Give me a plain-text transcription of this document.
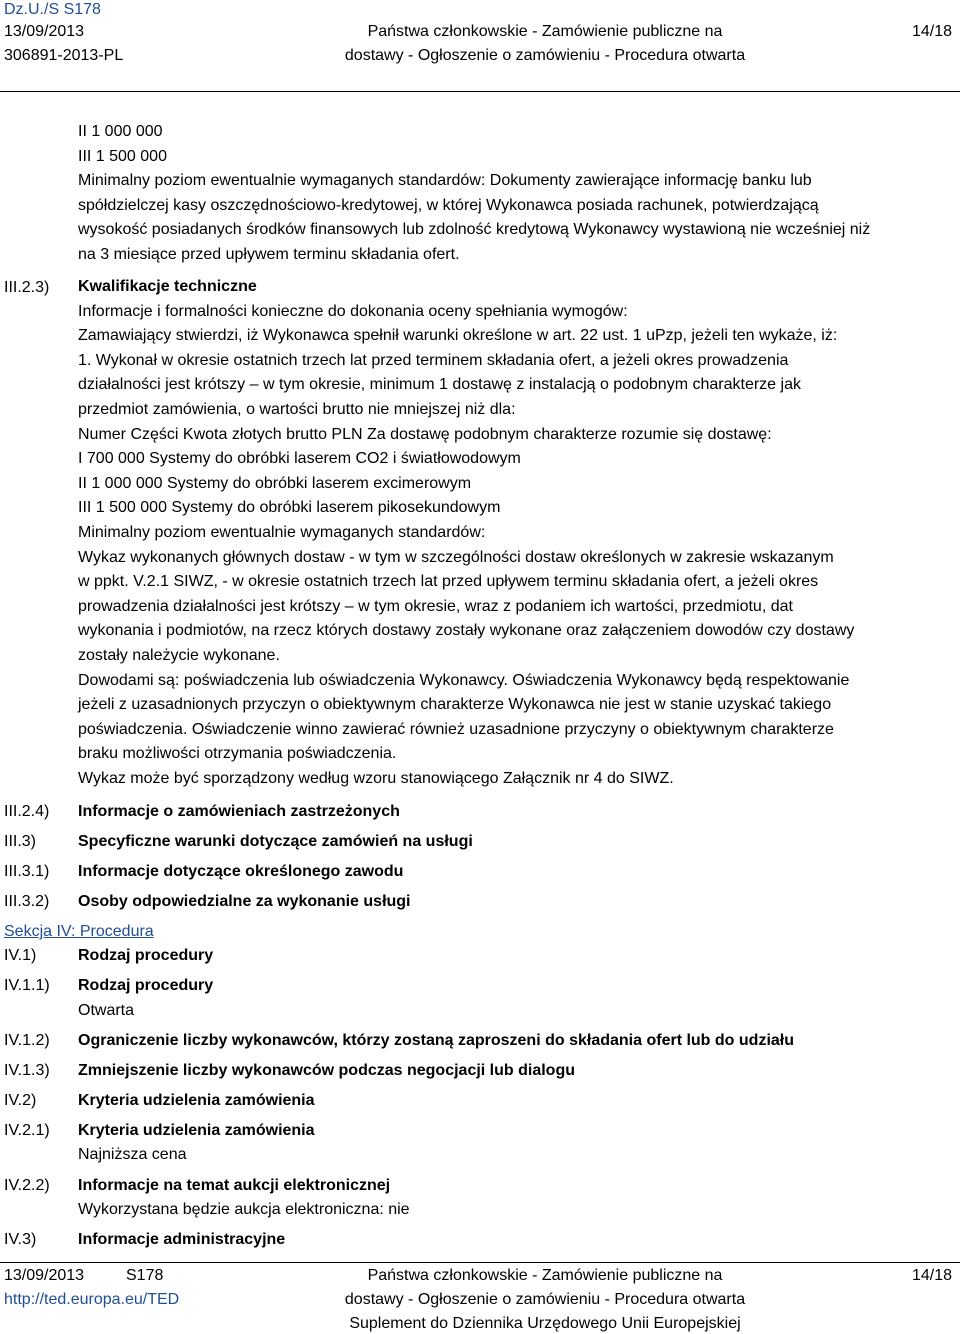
Dz.U./S S178
13/09/2013
306891-2013-PL
Państwa członkowskie - Zamówienie publiczne na
dostawy - Ogłoszenie o zamówieniu - Procedura otwarta
14/18
II 1 000 000
III 1 500 000
Minimalny poziom ewentualnie wymaganych standardów: Dokumenty zawierające informację banku lub
spółdzielczej kasy oszczędnościowo-kredytowej, w której Wykonawca posiada rachunek, potwierdzającą
wysokość posiadanych środków finansowych lub zdolność kredytową Wykonawcy wystawioną nie wcześniej niż
na 3 miesiące przed upływem terminu składania ofert.
III.2.3) Kwalifikacje techniczne
Informacje i formalności konieczne do dokonania oceny spełniania wymogów:
Zamawiający stwierdzi, iż Wykonawca spełnił warunki określone w art. 22 ust. 1 uPzp, jeżeli ten wykaże, iż:
1. Wykonał w okresie ostatnich trzech lat przed terminem składania ofert, a jeżeli okres prowadzenia
działalności jest krótszy – w tym okresie, minimum 1 dostawę z instalacją o podobnym charakterze jak
przedmiot zamówienia, o wartości brutto nie mniejszej niż dla:
Numer Części Kwota złotych brutto PLN Za dostawę podobnym charakterze rozumie się dostawę:
I 700 000 Systemy do obróbki laserem CO2 i światłowodowym
II 1 000 000 Systemy do obróbki laserem excimerowym
III 1 500 000 Systemy do obróbki laserem pikosekundowym
Minimalny poziom ewentualnie wymaganych standardów:
Wykaz wykonanych głównych dostaw - w tym w szczególności dostaw określonych w zakresie wskazanym
w ppkt. V.2.1 SIWZ, - w okresie ostatnich trzech lat przed upływem terminu składania ofert, a jeżeli okres
prowadzenia działalności jest krótszy – w tym okresie, wraz z podaniem ich wartości, przedmiotu, dat
wykonania i podmiotów, na rzecz których dostawy zostały wykonane oraz załączeniem dowodów czy dostawy
zostały należycie wykonane.
Dowodami są: poświadczenia lub oświadczenia Wykonawcy. Oświadczenia Wykonawcy będą respektowanie
jeżeli z uzasadnionych przyczyn o obiektywnym charakterze Wykonawca nie jest w stanie uzyskać takiego
poświadczenia. Oświadczenie winno zawierać również uzasadnione przyczyny o obiektywnym charakterze
braku możliwości otrzymania poświadczenia.
Wykaz może być sporządzony według wzoru stanowiącego Załącznik nr 4 do SIWZ.
III.2.4) Informacje o zamówieniach zastrzeżonych
III.3)	Specyficzne warunki dotyczące zamówień na usługi
III.3.1) Informacje dotyczące określonego zawodu
III.3.2) Osoby odpowiedzialne za wykonanie usługi
Sekcja IV: Procedura
IV.1)	Rodzaj procedury
IV.1.1) Rodzaj procedury
Otwarta
IV.1.2) Ograniczenie liczby wykonawców, którzy zostaną zaproszeni do składania ofert lub do udziału
IV.1.3) Zmniejszenie liczby wykonawców podczas negocjacji lub dialogu
IV.2)	Kryteria udzielenia zamówienia
IV.2.1) Kryteria udzielenia zamówienia
Najniższa cena
IV.2.2) Informacje na temat aukcji elektronicznej
Wykorzystana będzie aukcja elektroniczna: nie
IV.3)	Informacje administracyjne
13/09/2013	S178
http://ted.europa.eu/TED
Państwa członkowskie - Zamówienie publiczne na
dostawy - Ogłoszenie o zamówieniu - Procedura otwarta
Suplement do Dziennika Urzędowego Unii Europejskiej
14/18
